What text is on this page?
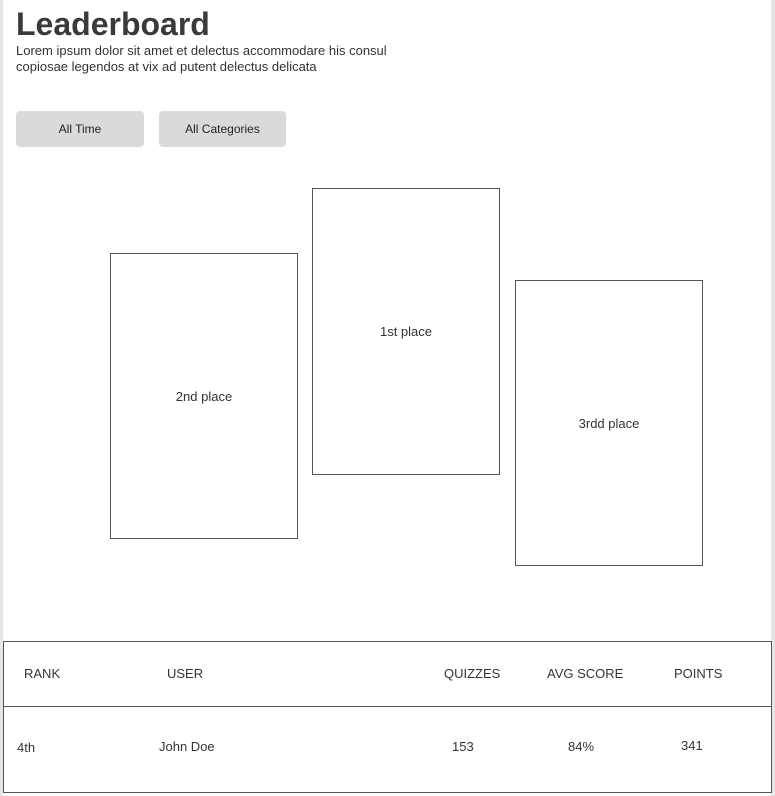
Leaderboard

Lorem ipsum dolor sit amet et delectus accommodare his consul copiosae legendos at vix ad putent delectus delicata

All Time	All Categories
2nd place
1st place
3rdd place
RANK	USER	QUIZZES	AVG SCORE	POINTS
4th	John Doe	153	84%	341
